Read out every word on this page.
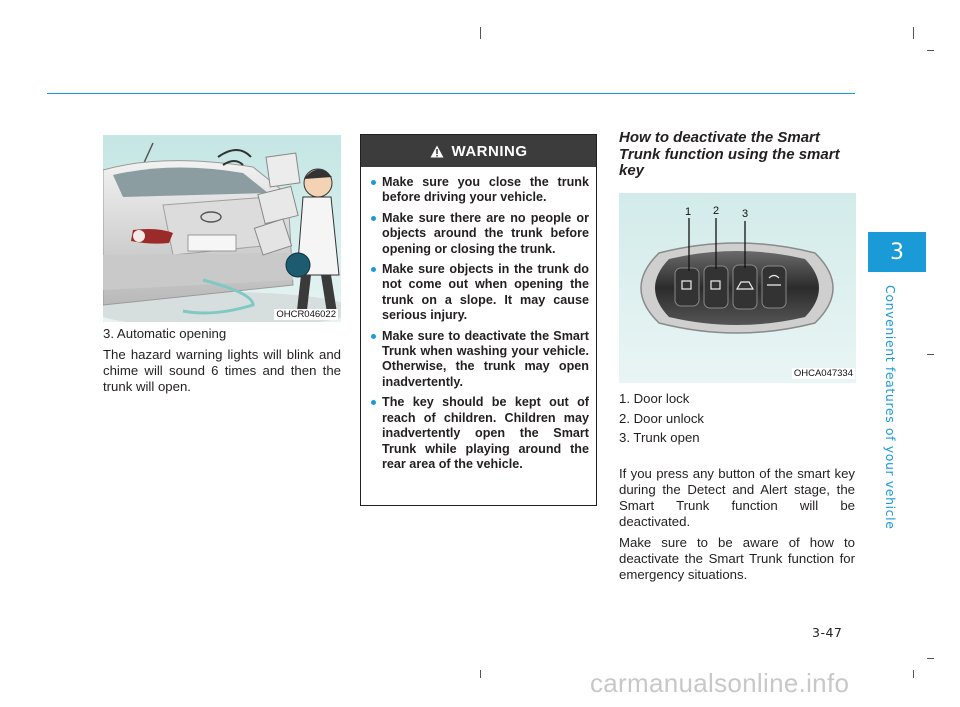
3
Convenient features of your vehicle
OHCR046022

3. Automatic opening

The hazard warning lights will blink and chime will sound 6 times and then the trunk will open.

WARNING
Make sure you close the trunk before driving your vehicle.
Make sure there are no people or objects around the trunk before opening or closing the trunk.
Make sure objects in the trunk do not come out when opening the trunk on a slope. It may cause serious injury.
Make sure to deactivate the Smart Trunk when washing your vehicle. Otherwise, the trunk may open inadvertently.
The key should be kept out of reach of children. Children may inadvertently open the Smart Trunk while playing around the rear area of the vehicle.
How to deactivate the Smart Trunk function using the smart key
1 2 3
OHCA047334
1. Door lock
2. Door unlock
3. Trunk open

If you press any button of the smart key during the Detect and Alert stage, the Smart Trunk function will be deactivated.

Make sure to be aware of how to deactivate the Smart Trunk function for emergency situations.

3-47
carmanualsonline.info
